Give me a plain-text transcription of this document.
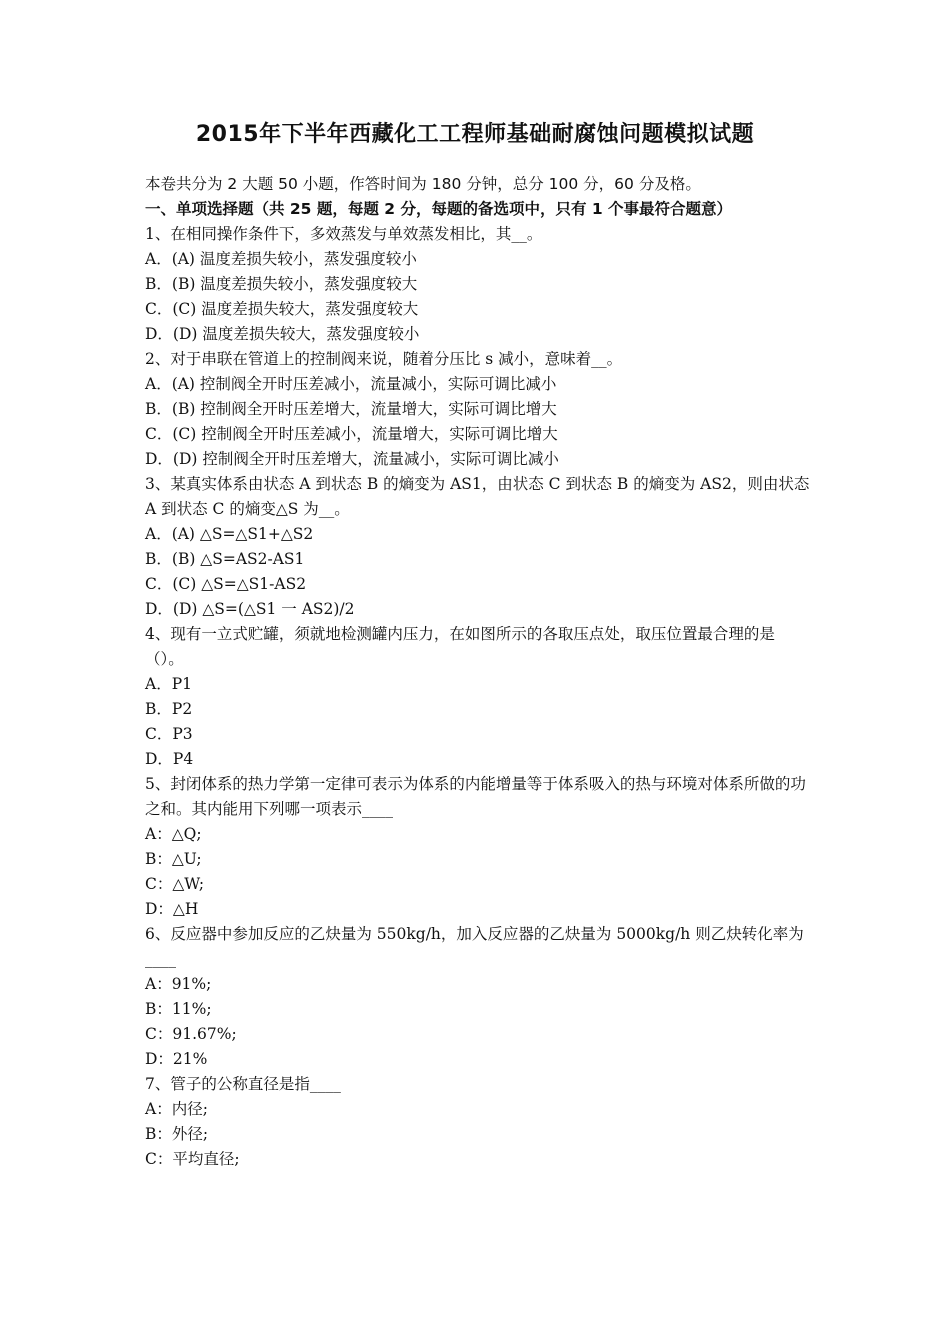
2015年下半年西藏化工工程师基础耐腐蚀问题模拟试题
本卷共分为 2 大题 50 小题，作答时间为 180 分钟，总分 100 分，60 分及格。
一、单项选择题（共 25 题，每题 2 分，每题的备选项中，只有 1 个事最符合题意）
1、在相同操作条件下，多效蒸发与单效蒸发相比，其__。
A．(A) 温度差损失较小，蒸发强度较小
B．(B) 温度差损失较小，蒸发强度较大
C．(C) 温度差损失较大，蒸发强度较大
D．(D) 温度差损失较大，蒸发强度较小
2、对于串联在管道上的控制阀来说，随着分压比 s 减小，意味着__。
A．(A) 控制阀全开时压差减小，流量减小，实际可调比减小
B．(B) 控制阀全开时压差增大，流量增大，实际可调比增大
C．(C) 控制阀全开时压差减小，流量增大，实际可调比增大
D．(D) 控制阀全开时压差增大，流量减小，实际可调比减小
3、某真实体系由状态 A 到状态 B 的熵变为 AS1，由状态 C 到状态 B 的熵变为 AS2，则由状态 A 到状态 C 的熵变△S 为__。
A．(A) △S=△S1+△S2
B．(B) △S=AS2-AS1
C．(C) △S=△S1-AS2
D．(D) △S=(△S1 一 AS2)/2
4、现有一立式贮罐，须就地检测罐内压力，在如图所示的各取压点处，取压位置最合理的是（）。
A．P1
B．P2
C．P3
D．P4
5、封闭体系的热力学第一定律可表示为体系的内能增量等于体系吸入的热与环境对体系所做的功之和。其内能用下列哪一项表示____
A：△Q;
B：△U;
C：△W;
D：△H
6、反应器中参加反应的乙炔量为 550kg/h，加入反应器的乙炔量为 5000kg/h 则乙炔转化率为____
A：91%;
B：11%;
C：91.67%;
D：21%
7、管子的公称直径是指____
A：内径;
B：外径;
C：平均直径;
